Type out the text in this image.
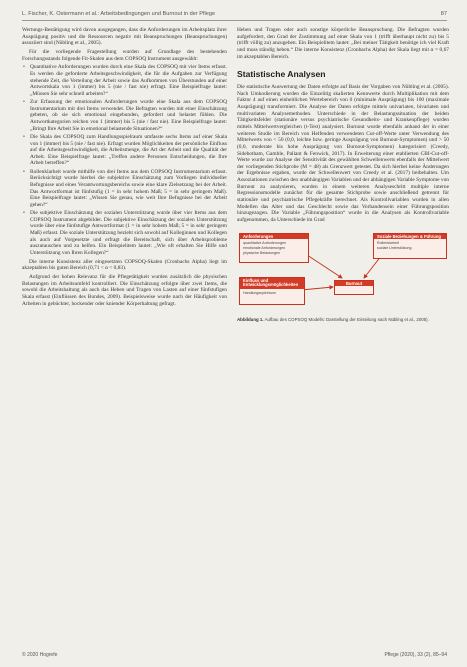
L. Fischer, K. Ostermann et al.: Arbeitsbedingungen und Burnout in der Pflege	87

Wertungs-Bestätigung wird davon ausgegangen, dass die Anforderungen im Arbeitsplatz ihrer Ausprägung positiv und die Ressourcen negativ mit Beanspruchungen (Beanspruchungen) assoziiert sind (Nübling et al., 2005).

Für die vorliegende Fragestellung wurden auf Grundlage des bestehenden Forschungsstands folgende Fit-Skalen aus dem COPSOQ Instrument ausgewählt:

• Quantitative Anforderungen wurden durch eine Skala des COPSOQ mit vier Items erfasst. Es werden die geforderte Arbeitsgeschwindigkeit, die für die Aufgaben zur Verfügung stehende Zeit, die Verteilung der Arbeit sowie das Aufkommen von Überstunden auf einer Antwortskala von 1 (immer) bis 5 (nie / fast nie) erfragt. Eine Beispielfrage lautet: „Müssen Sie sehr schnell arbeiten?“
• Zur Erfassung der emotionalen Anforderungen wurde eine Skala aus dem COPSOQ Instrumentarium mit drei Items verwendet. Die Befragten wurden mit einer Einschätzung gebeten, ob sie sich emotional eingebunden, gefordert und belastet fühlen. Die Antwortkategorien reichen von 1 (immer) bis 5 (nie / fast nie). Eine Beispielfrage lautet: „Bringt Ihre Arbeit Sie in emotional belastende Situationen?“
• Die Skala des COPSOQ zum Handlungsspielraum umfasste sechs Items auf einer Skala von 1 (immer) bis 5 (nie / fast nie). Erfragt wurden Möglichkeiten der persönliche Einfluss auf die Arbeitsgeschwindigkeit, die Arbeitsmenge, die Art der Arbeit und die Qualität der Arbeit. Eine Beispielfrage lautet: „Treffen andere Personen Entscheidungen, die Ihre Arbeit betreffen?“
• Rollenklarheit wurde mithilfe von drei Items aus dem COPSOQ Instrumentarium erfasst. Berücksichtigt wurde hierbei die subjektive Einschätzung zum Vorliegen individueller Befugnisse und eines Verantwortungsbereichs sowie eine klare Zielsetzung bei der Arbeit. Das Antwortformat ist fünfstufig (1 = in sehr hohem Maß; 5 = in sehr geringem Maß). Eine Beispielfrage lautet: „Wissen Sie genau, wie weit Ihre Befugnisse bei der Arbeit gehen?“
• Die subjektive Einschätzung der sozialen Unterstützung wurde über vier Items aus dem COPSOQ Instrument abgebildet. Die subjektive Einschätzung der sozialen Unterstützung wurde über eine fünfstufige Antwortformat (1 = in sehr hohem Maß; 5 = in sehr geringem Maß) erfasst. Die soziale Unterstützung bezieht sich sowohl auf Kolleginnen und Kollegen als auch auf Vorgesetzte und erfragt die Bereitschaft, sich über Arbeitsprobleme auszutauschen und zu helfen. Ein Beispielitem lautet: „Wie oft erhalten Sie Hilfe und Unterstützung von Ihren Kollegen?“

Die interne Konsistenz aller eingesetzten COPSOQ-Skalen (Cronbachs Alpha) liegt im akzeptablen bis guten Bereich (0,71 < α < 0,83).

Aufgrund der hohen Relevanz für die Pflegetätigkeit wurden zusätzlich die physischen Belastungen im Arbeitsumfeld kontrolliert. Die Einschätzung erfolgte über zwei Items, die sowohl die Arbeitshaltung als auch das Heben und Tragen von Lasten auf einer fünfstufigen Skala erfasst (Einflüssen des Bundes, 2009). Beispielsweise wurde nach der Häufigkeit von Arbeiten in gebückter, hockender oder kniender Körperhaltung gefragt.

Heben und Tragen oder auch sonstige körperliche Beanspruchung. Die Befragten wurden aufgefordert, den Grad der Zustimmung auf einer Skala von 1 (trifft überhaupt nicht zu) bis 5 (trifft völlig zu) anzugeben. Ein Beispielitem lautet: „Bei meiner Tätigkeit benötige ich viel Kraft und muss ständig heben.“ Die interne Konsistenz (Cronbachs Alpha) der Skala liegt mit α = 0,67 im akzeptablen Bereich.

Statistische Analysen

Die statistische Auswertung der Daten erfolgte auf Basis der Vorgaben von Nübling et al. (2005). Nach Umkodierung wurden die Einzelitig skalierten Kennwerte durch Multiplikation mit dem Faktor 4 auf einen einheitlichen Wertebereich von 0 (minimale Ausprägung) bis 100 (maximale Ausprägung) transformiert. Die Analyse der Daten erfolgte mittels univariaten, bivariaten und multivariaten Analysemethoden. Unterschiede in der Belastungssituation der beiden Tätigkeitsfelder (stationäre versus psychiatrische Gesundheits- und Krankenpflege) wurden mittels Mittelwertvergleichen (t-Test) analysiert. Burnout wurde ebenfalls anhand der in einer weiteren Studie im Bereich von Helfenden verwendeten Cut-off-Werte unter Verwendung des Mittelwerts von < 50 (0,0, leichte bzw. geringe Ausprägung von Burnout-Symptomen) und > 50 (0,0, moderate bis hohe Ausprägung von Burnout-Symptomen) kategorisiert (Creedy, Sidebotham, Gamble, Pallant & Fenwick, 2017). In Erweiterung einer etablierten CBI-Cut-off-Werte wurde zur Analyse der Sensitivität des gewählten Schwellenwerts ebenfalls der Mittelwert der vorliegenden Stichprobe (M = 48) als Grenzwert getestet. Da sich hierbei keine Änderungen der Ergebnisse ergaben, wurde der Schwellenwert von Creedy et al. (2017) beibehalten. Um Assoziationen zwischen den unabhängigen Variablen und der abhängigen Variable Symptome von Burnout zu analysieren, wurden in einem weiteren Analyseschritt multiple interne Regressionsmodelle zunächst für die gesamte Stichprobe sowie anschließend getrennt für stationäre und psychiatrische Pflegekräfte berechnet. Als Kontrollvariablen wurden in allen Modellen das Alter und das Geschlecht sowie das Vorhandensein einer Führungsposition hinzugezogen. Die Variable „Führungsposition“ wurde in die Analysen als Kontrollvariable aufgenommen, da Unterschiede im Grad

Anforderungen
quantitative Anforderungen
emotionale Anforderungen
physische Belastungen
Soziale Beziehungen & Führung
Rollenklarheit
soziale Unterstützung
Einfluss und Entwicklungsmöglichkeiten
Handlungsspielraum
Burnout
Abbildung 1. Aufbau des COPSOQ Modells: Darstellung der Einteilung nach Nübling et al., 2005).
© 2020 Hogrefe	Pflege (2020), 33 (2), 85–94
